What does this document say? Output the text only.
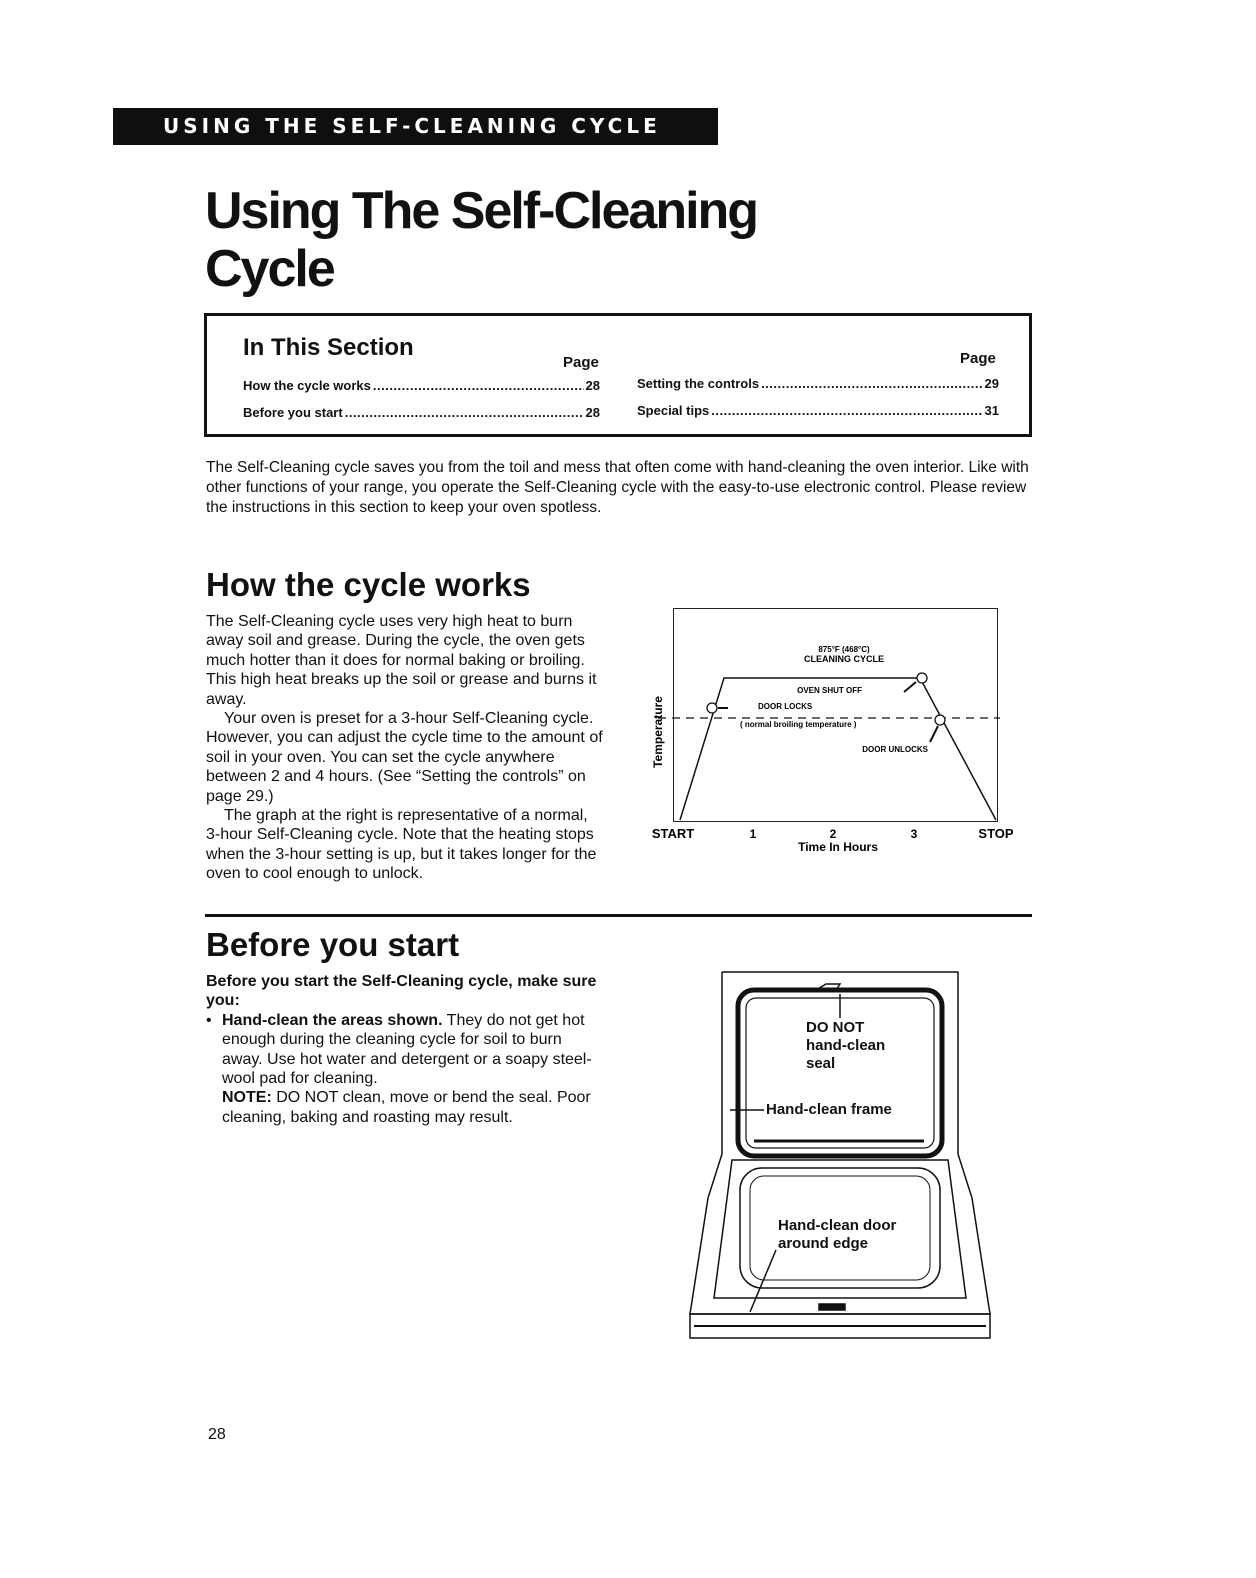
USING THE SELF-CLEANING CYCLE
Using The Self-Cleaning
Cycle
In This Section
Page	Page
How the cycle works .....	28
Before you start .....	28
Setting the controls .....	29
Special tips .....	31
The Self-Cleaning cycle saves you from the toil and mess that often come with hand-cleaning the oven interior. Like with other functions of your range, you operate the Self-Cleaning cycle with the easy-to-use electronic control. Please review the instructions in this section to keep your oven spotless.
How the cycle works

The Self-Cleaning cycle uses very high heat to burn away soil and grease. During the cycle, the oven gets much hotter than it does for normal baking or broiling. This high heat breaks up the soil or grease and burns it away.

Your oven is preset for a 3-hour Self-Cleaning cycle. However, you can adjust the cycle time to the amount of soil in your oven. You can set the cycle anywhere between 2 and 4 hours. (See “Setting the controls” on page 29.)

The graph at the right is representative of a normal, 3-hour Self-Cleaning cycle. Note that the heating stops when the 3-hour setting is up, but it takes longer for the oven to cool enough to unlock.

Temperature
875°F (468°C)
CLEANING CYCLE
OVEN SHUT OFF
DOOR LOCKS
( normal broiling temperature )
DOOR UNLOCKS
START	1	2	3	STOP
Time In Hours
Before you start

Before you start the Self-Cleaning cycle, make sure you:

• Hand-clean the areas shown. They do not get hot enough during the cleaning cycle for soil to burn away. Use hot water and detergent or a soapy steel-wool pad for cleaning.
NOTE: DO NOT clean, move or bend the seal. Poor cleaning, baking and roasting may result.
DO NOT
hand-clean
seal
Hand-clean frame
Hand-clean door
around edge
28
